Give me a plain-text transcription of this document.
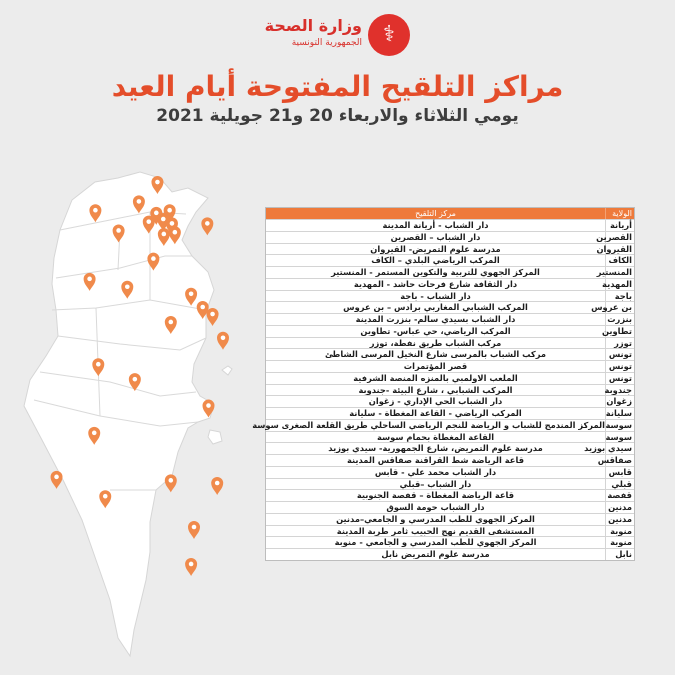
⚕
وزارة الصحة
الجمهورية التونسية
مراكز التلقيح المفتوحة أيام العيد
يومي الثلاثاء والاربعاء 20 و21 جويلية 2021
الولاية
مركز التلقيح
أريانة
دار الشباب - أريانة المدينة
القصرين
دار الشباب – القصرين
القيروان
مدرسة علوم التمريض- القيروان
الكاف
المركب الرياضي البلدي – الكاف
المنستير
المركز الجهوي للتربية والتكوين المستمر - المنستير
المهدية
دار الثقافة شارع فرحات حاشد - المهدية
باجة
دار الشباب - باجة
بن عروس
المركب الشبابي المغاربي برادس – بن عروس
بنزرت
دار الشباب بسيدي سالم- بنزرت المدينة
تطاوين
المركب الرياضي، حي عباس- تطاوين
توزر
مركب الشباب طريق نفطة، توزر
تونس
مركب الشباب بالمرسى شارع النخيل المرسى الشاطئ
تونس
قصر المؤتمرات
تونس
الملعب الاولمبي بالمنزه المنصة الشرفية
جندوبة
المركب الشبابي ، شارع البيئة -جندوبة
زغوان
دار الشباب الحي الإداري - زغوان
سليانة
المركب الرياضي - القاعة المغطاة - سليانة
سوسة
المركز المندمج للشباب و الرياضة للنجم الرياضي الساحلي طريق القلعة الصغرى سوسة
سوسة
القاعة المغطاة بحمام سوسة
سيدي بوزيد
مدرسة علوم التمريض، شارع الجمهورية- سيدي بوزيد
صفاقس
قاعة الرياضة شط القراقنة صفاقس المدينة
قابس
دار الشباب محمد علي - قابس
قبلي
دار الشباب –قبلي
قفصة
قاعة الرياضة المغطاة – قفصة الجنوبية
مدنين
دار الشباب حومة السوق
مدنين
المركز الجهوي للطب المدرسي و الجامعي–مدنين
منوبة
المستشفى القديم نهج الحبيب ثامر طربة المدينة
منوبة
المركز الجهوي للطب المدرسي و الجامعي - منوبة
نابل
مدرسة علوم التمريض نابل
